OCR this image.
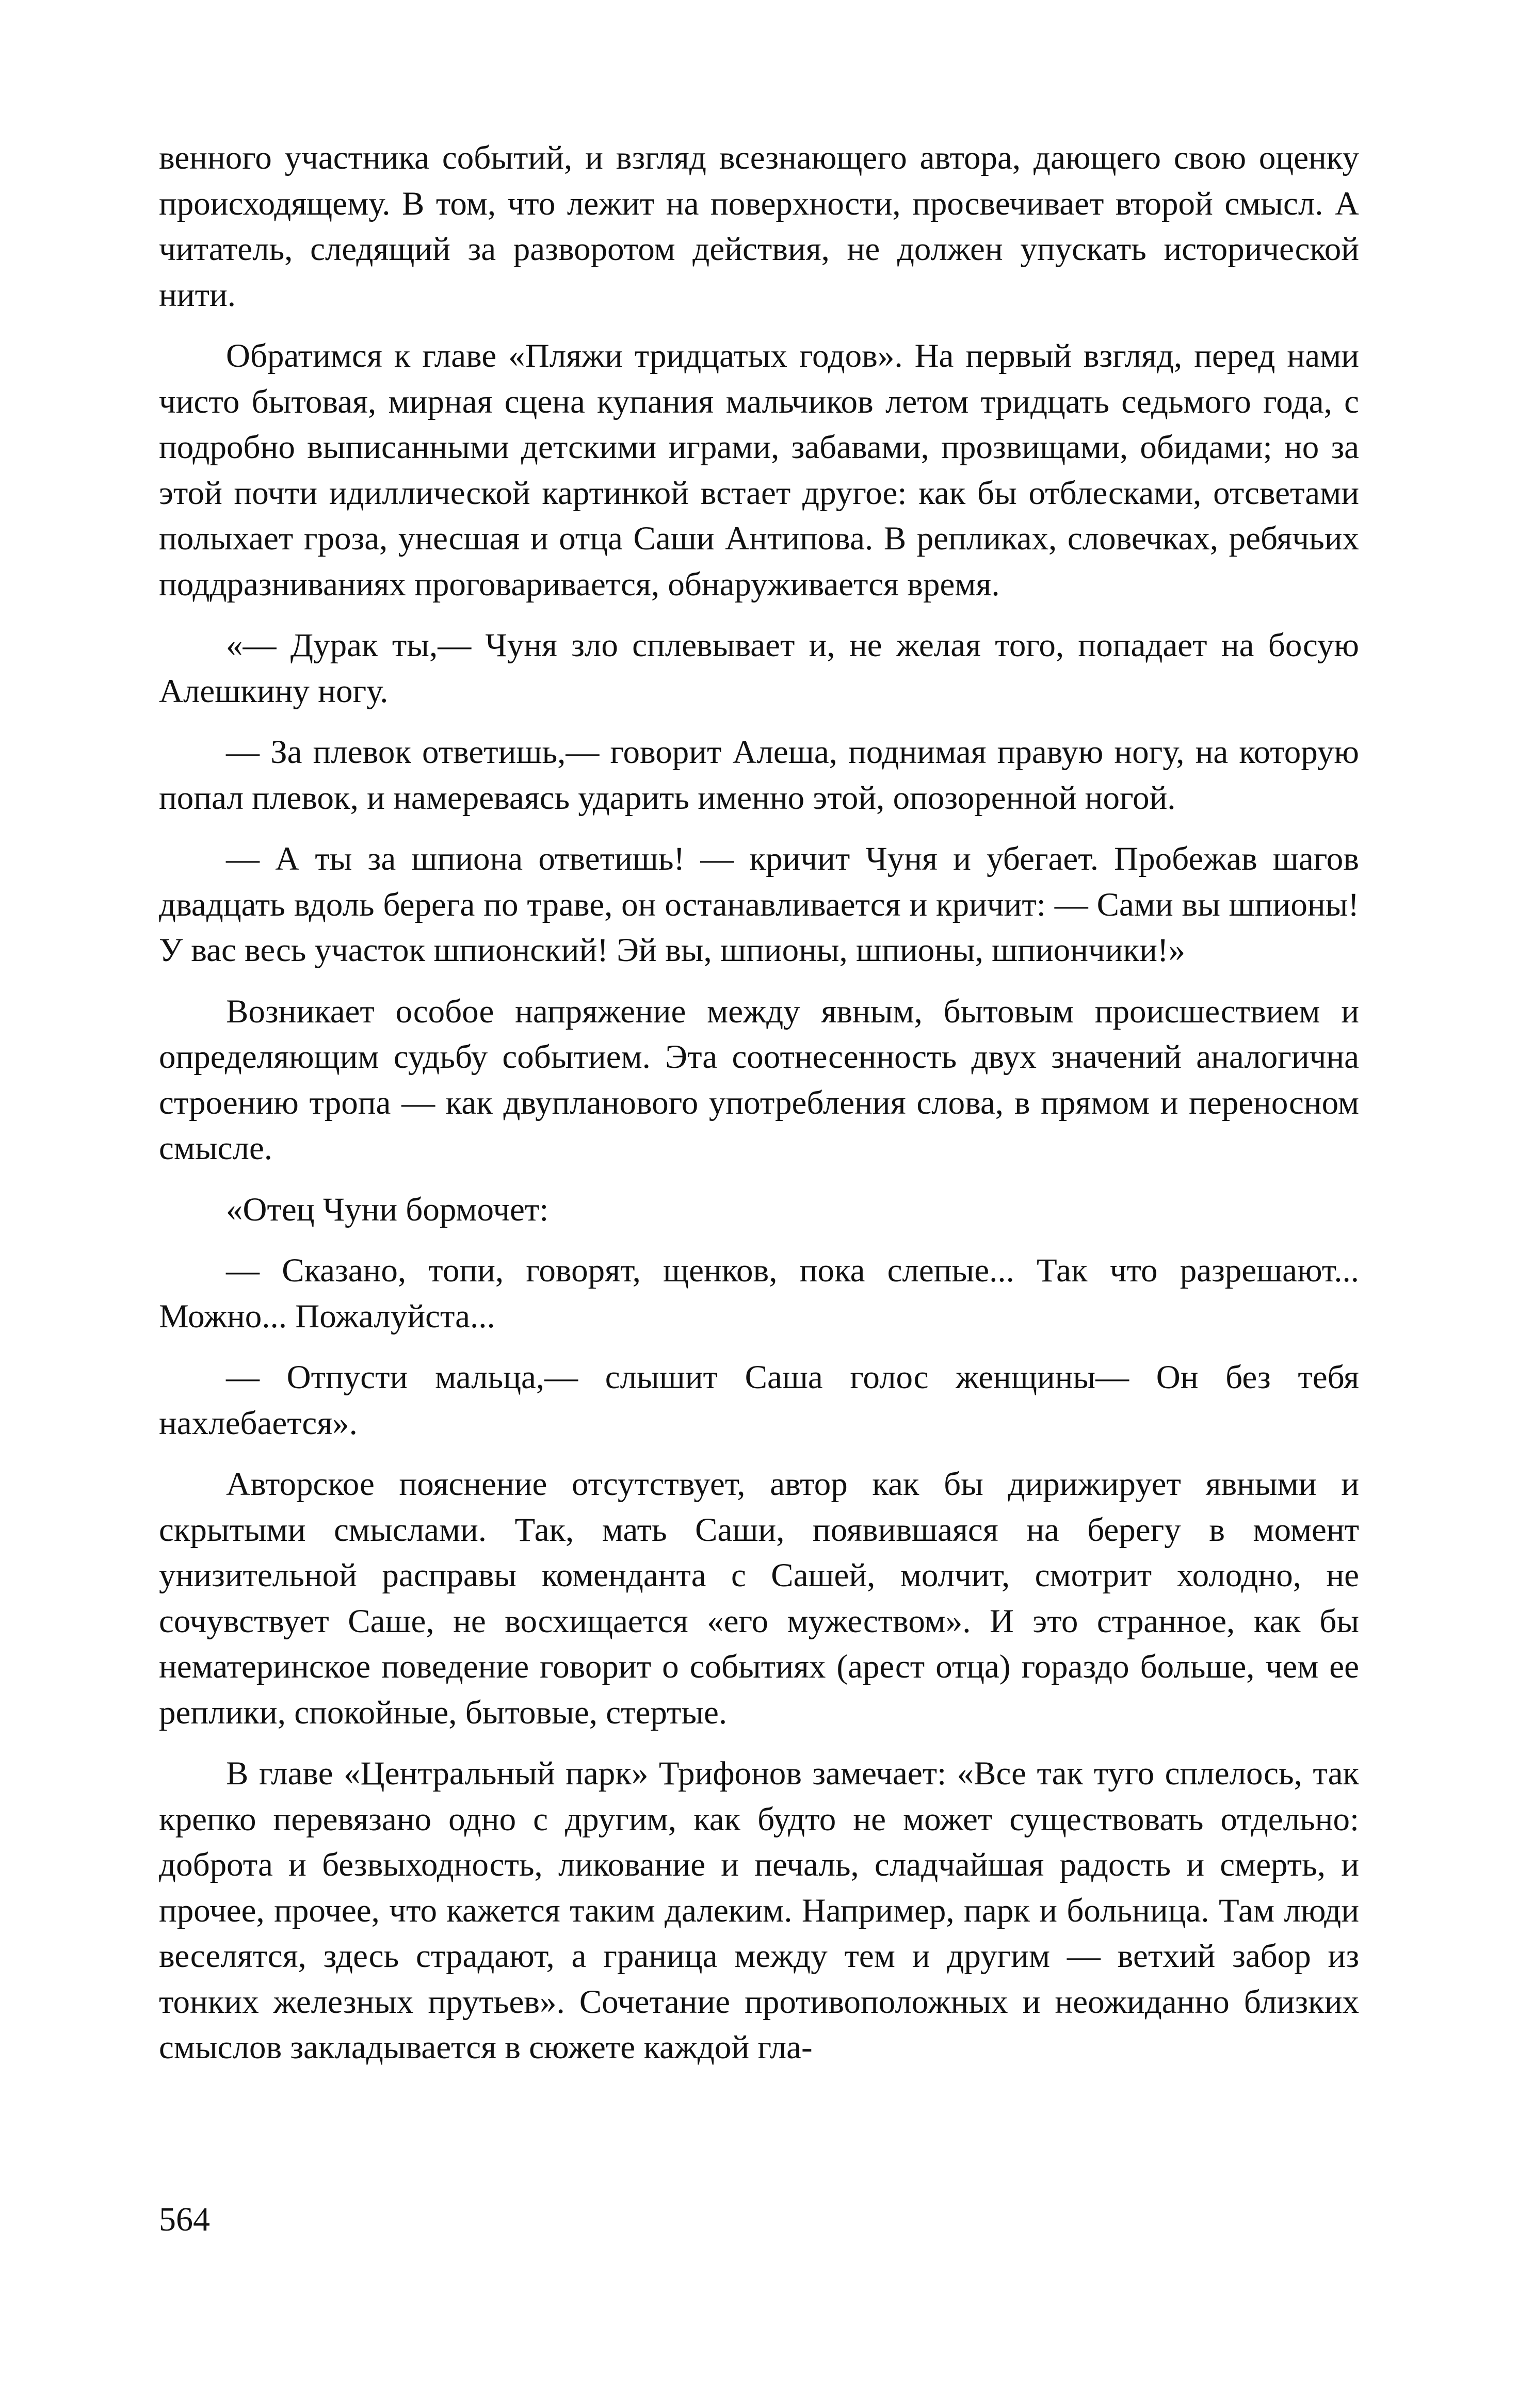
венного участника событий, и взгляд всезнающего автора, дающего свою оценку происходящему. В том, что лежит на поверхности, просвечивает второй смысл. А читатель, следящий за разворотом действия, не должен упускать исторической нити.

Обратимся к главе «Пляжи тридцатых годов». На первый взгляд, перед нами чисто бытовая, мирная сцена купания мальчиков летом тридцать седьмого года, с подробно выписанными детскими играми, забавами, прозвищами, обидами; но за этой почти идиллической картинкой встает другое: как бы отблесками, отсветами полыхает гроза, унесшая и отца Саши Антипова. В репликах, словечках, ребячьих поддразниваниях проговаривается, обнаруживается время.

«— Дурак ты,— Чуня зло сплевывает и, не желая того, попадает на босую Алешкину ногу.

— За плевок ответишь,— говорит Алеша, поднимая правую ногу, на которую попал плевок, и намереваясь ударить именно этой, опозоренной ногой.

— А ты за шпиона ответишь! — кричит Чуня и убегает. Пробежав шагов двадцать вдоль берега по траве, он останавливается и кричит: — Сами вы шпионы! У вас весь участок шпионский! Эй вы, шпионы, шпионы, шпиончики!»

Возникает особое напряжение между явным, бытовым происшествием и определяющим судьбу событием. Эта соотнесенность двух значений аналогична строению тропа — как двупланового употребления слова, в прямом и переносном смысле.

«Отец Чуни бормочет:

— Сказано, топи, говорят, щенков, пока слепые... Так что разрешают... Можно... Пожалуйста...

— Отпусти мальца,— слышит Саша голос женщины— Он без тебя нахлебается».

Авторское пояснение отсутствует, автор как бы дирижирует явными и скрытыми смыслами. Так, мать Саши, появившаяся на берегу в момент унизительной расправы коменданта с Сашей, молчит, смотрит холодно, не сочувствует Саше, не восхищается «его мужеством». И это странное, как бы нематеринское поведение говорит о событиях (арест отца) гораздо больше, чем ее реплики, спокойные, бытовые, стертые.

В главе «Центральный парк» Трифонов замечает: «Все так туго сплелось, так крепко перевязано одно с другим, как будто не может существовать отдельно: доброта и безвыходность, ликование и печаль, сладчайшая радость и смерть, и прочее, прочее, что кажется таким далеким. Например, парк и больница. Там люди веселятся, здесь страдают, а граница между тем и другим — ветхий забор из тонких железных прутьев». Сочетание противоположных и неожиданно близких смыслов закладывается в сюжете каждой гла-

564
